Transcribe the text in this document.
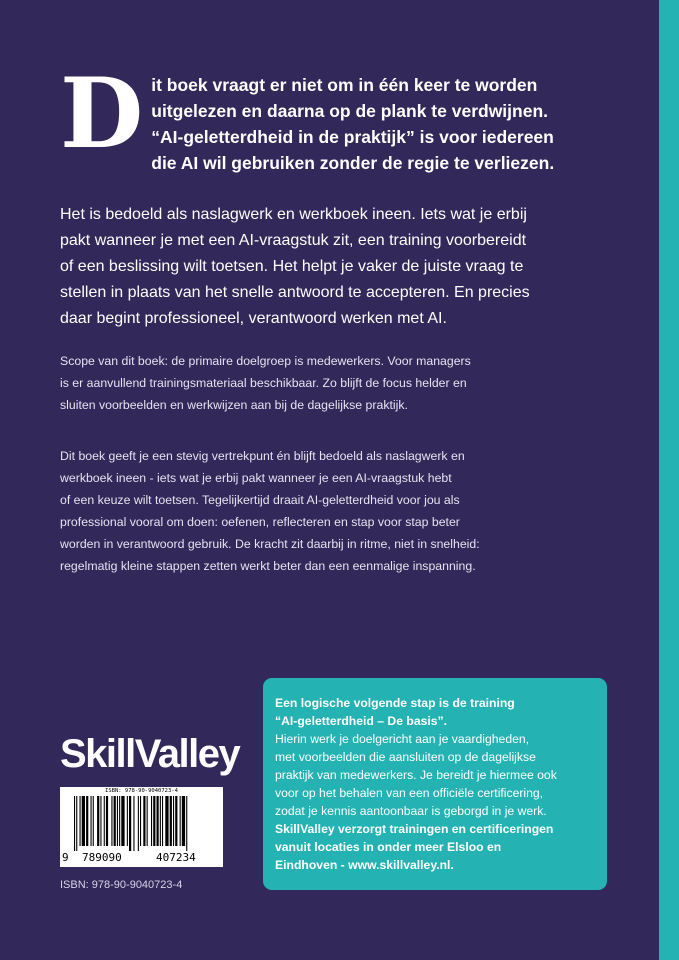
D it boek vraagt er niet om in één keer te worden
uitgelezen en daarna op de plank te verdwijnen.
“AI-geletterdheid in de praktijk” is voor iedereen
die AI wil gebruiken zonder de regie te verliezen.
Het is bedoeld als naslagwerk en werkboek ineen. Iets wat je erbij
pakt wanneer je met een AI-vraagstuk zit, een training voorbereidt
of een beslissing wilt toetsen. Het helpt je vaker de juiste vraag te
stellen in plaats van het snelle antwoord te accepteren. En precies
daar begint professioneel, verantwoord werken met AI.
Scope van dit boek: de primaire doelgroep is medewerkers. Voor managers
is er aanvullend trainingsmateriaal beschikbaar. Zo blijft de focus helder en
sluiten voorbeelden en werkwijzen aan bij de dagelijkse praktijk.
Dit boek geeft je een stevig vertrekpunt én blijft bedoeld als naslagwerk en
werkboek ineen - iets wat je erbij pakt wanneer je een AI-vraagstuk hebt
of een keuze wilt toetsen. Tegelijkertijd draait AI-geletterdheid voor jou als
professional vooral om doen: oefenen, reflecteren en stap voor stap beter
worden in verantwoord gebruik. De kracht zit daarbij in ritme, niet in snelheid:
regelmatig kleine stappen zetten werkt beter dan een eenmalige inspanning.
SkillValley
ISBN: 978-90-9040723-4
9 789090	407234
ISBN: 978-90-9040723-4
Een logische volgende stap is de training
“AI-geletterdheid – De basis”.
Hierin werk je doelgericht aan je vaardigheden,
met voorbeelden die aansluiten op de dagelijkse
praktijk van medewerkers. Je bereidt je hiermee ook
voor op het behalen van een officiële certificering,
zodat je kennis aantoonbaar is geborgd in je werk.
SkillValley verzorgt trainingen en certificeringen
vanuit locaties in onder meer Elsloo en
Eindhoven - www.skillvalley.nl.
